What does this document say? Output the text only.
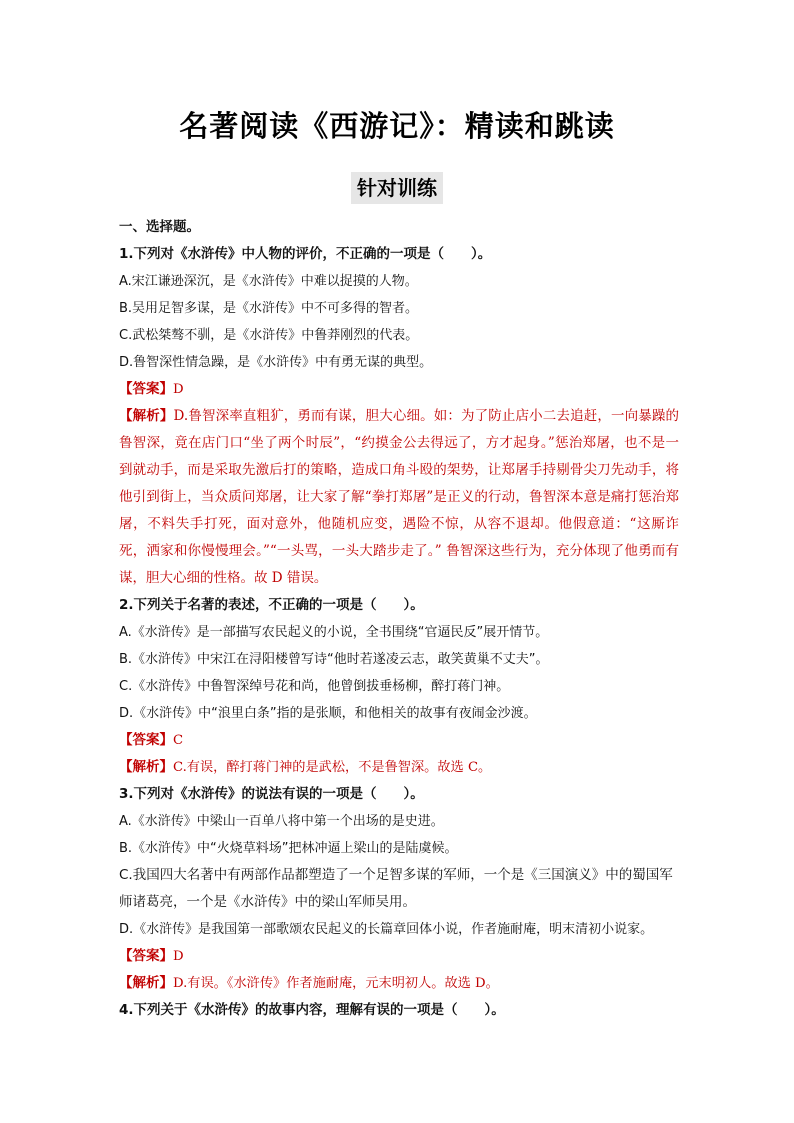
名著阅读《西游记》：精读和跳读
针对训练
一、选择题。
1.下列对《水浒传》中人物的评价，不正确的一项是（　　）。
A.宋江谦逊深沉，是《水浒传》中难以捉摸的人物。
B.吴用足智多谋，是《水浒传》中不可多得的智者。
C.武松桀骜不驯，是《水浒传》中鲁莽刚烈的代表。
D.鲁智深性情急躁，是《水浒传》中有勇无谋的典型。
【答案】D
【解析】D.鲁智深率直粗犷，勇而有谋，胆大心细。如：为了防止店小二去追赶，一向暴躁的鲁智深，竟在店门口“坐了两个时辰”，“约摸金公去得远了，方才起身。”惩治郑屠，也不是一到就动手，而是采取先激后打的策略，造成口角斗殴的架势，让郑屠手持剔骨尖刀先动手，将他引到街上，当众质问郑屠，让大家了解“拳打郑屠”是正义的行动，鲁智深本意是痛打惩治郑屠，不料失手打死，面对意外，他随机应变，遇险不惊，从容不退却。他假意道：“这厮诈死，洒家和你慢慢理会。”“一头骂，一头大踏步走了。” 鲁智深这些行为，充分体现了他勇而有谋，胆大心细的性格。故 D 错误。
2.下列关于名著的表述，不正确的一项是（　　）。
A.《水浒传》是一部描写农民起义的小说，全书围绕“官逼民反”展开情节。
B.《水浒传》中宋江在浔阳楼曾写诗“他时若遂凌云志，敢笑黄巢不丈夫”。
C.《水浒传》中鲁智深绰号花和尚，他曾倒拔垂杨柳，醉打蒋门神。
D.《水浒传》中“浪里白条”指的是张顺，和他相关的故事有夜闹金沙渡。
【答案】C
【解析】C.有误，醉打蒋门神的是武松，不是鲁智深。故选 C。
3.下列对《水浒传》的说法有误的一项是（　　）。
A.《水浒传》中梁山一百单八将中第一个出场的是史进。
B.《水浒传》中“火烧草料场”把林冲逼上梁山的是陆虞候。
C.我国四大名著中有两部作品都塑造了一个足智多谋的军师，一个是《三国演义》中的蜀国军师诸葛亮，一个是《水浒传》中的梁山军师吴用。
D.《水浒传》是我国第一部歌颂农民起义的长篇章回体小说，作者施耐庵，明末清初小说家。
【答案】D
【解析】D.有误。《水浒传》作者施耐庵，元末明初人。故选 D。
4.下列关于《水浒传》的故事内容，理解有误的一项是（　　）。
